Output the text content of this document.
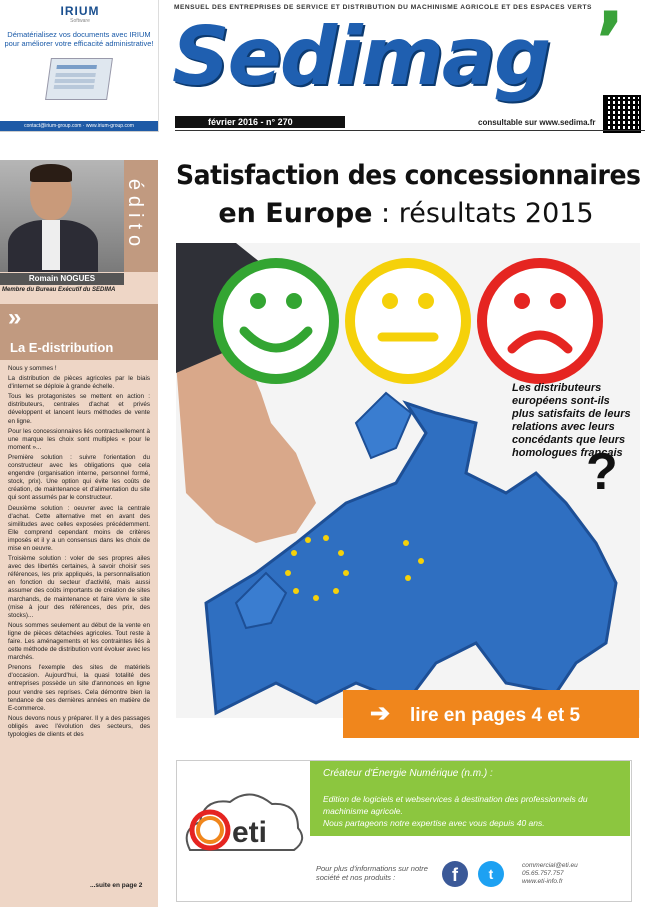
IRIUM
Software
Dématérialisez vos documents avec IRIUM pour améliorer votre efficacité administrative!
contact@irium-group.com · www.irium-group.com
MENSUEL DES ENTREPRISES DE SERVICE ET DISTRIBUTION DU MACHINISME AGRICOLE ET DES ESPACES VERTS
Sedimag ’
février 2016 - n° 270	consultable sur www.sedima.fr
édito
Romain NOGUES
Membre du Bureau Exécutif du SEDIMA
»
La E-distribution

Nous y sommes !

La distribution de pièces agricoles par le biais d'internet se déploie à grande échelle.

Tous les protagonistes se mettent en action : distributeurs, centrales d'achat et privés développent et lancent leurs méthodes de vente en ligne.

Pour les concessionnaires liés contractuellement à une marque les choix sont multiples « pour le moment »...

Première solution : suivre l'orientation du constructeur avec les obligations que cela engendre (organisation interne, personnel formé, stock, prix). Une option qui évite les coûts de création, de maintenance et d'alimentation du site qui sont assumés par le constructeur.

Deuxième solution : oeuvrer avec la centrale d'achat. Cette alternative met en avant des similitudes avec celles exposées précédemment. Elle comprend cependant moins de critères imposés et il y a un consensus dans les choix de mise en oeuvre.

Troisième solution : voler de ses propres ailes avec des libertés certaines, à savoir choisir ses références, les prix appliqués, la personnalisation en fonction du secteur d'activité, mais aussi assumer des coûts importants de création de sites marchands, de maintenance et faire vivre le site (mise à jour des références, des prix, des stocks)...

Nous sommes seulement au début de la vente en ligne de pièces détachées agricoles. Tout reste à faire. Les aménagements et les contraintes liés à cette méthode de distribution vont évoluer avec les marchés.

Prenons l'exemple des sites de matériels d'occasion. Aujourd'hui, la quasi totalité des entreprises possède un site d'annonces en ligne pour vendre ses reprises. Cela démontre bien la tendance de ces dernières années en matière de E-commerce.

Nous devons nous y préparer. Il y a des passages obligés avec l'évolution des secteurs, des typologies de clients et des

...suite en page 2
Satisfaction des concessionnaires
en Europe : résultats 2015
Les distributeurs européens sont-ils plus satisfaits de leurs relations avec leurs concédants que leurs homologues français
?
➔ lire en pages 4 et 5
Créateur d'Énergie Numérique (n.m.) :
Edition de logiciels et webservices à destination des professionnels du machinisme agricole.
Nous partageons notre expertise avec vous depuis 40 ans.
eti
Pour plus d'informations sur notre société et nos produits :	f	t
commercial@eti.eu
05.65.757.757
www.eti-info.fr
